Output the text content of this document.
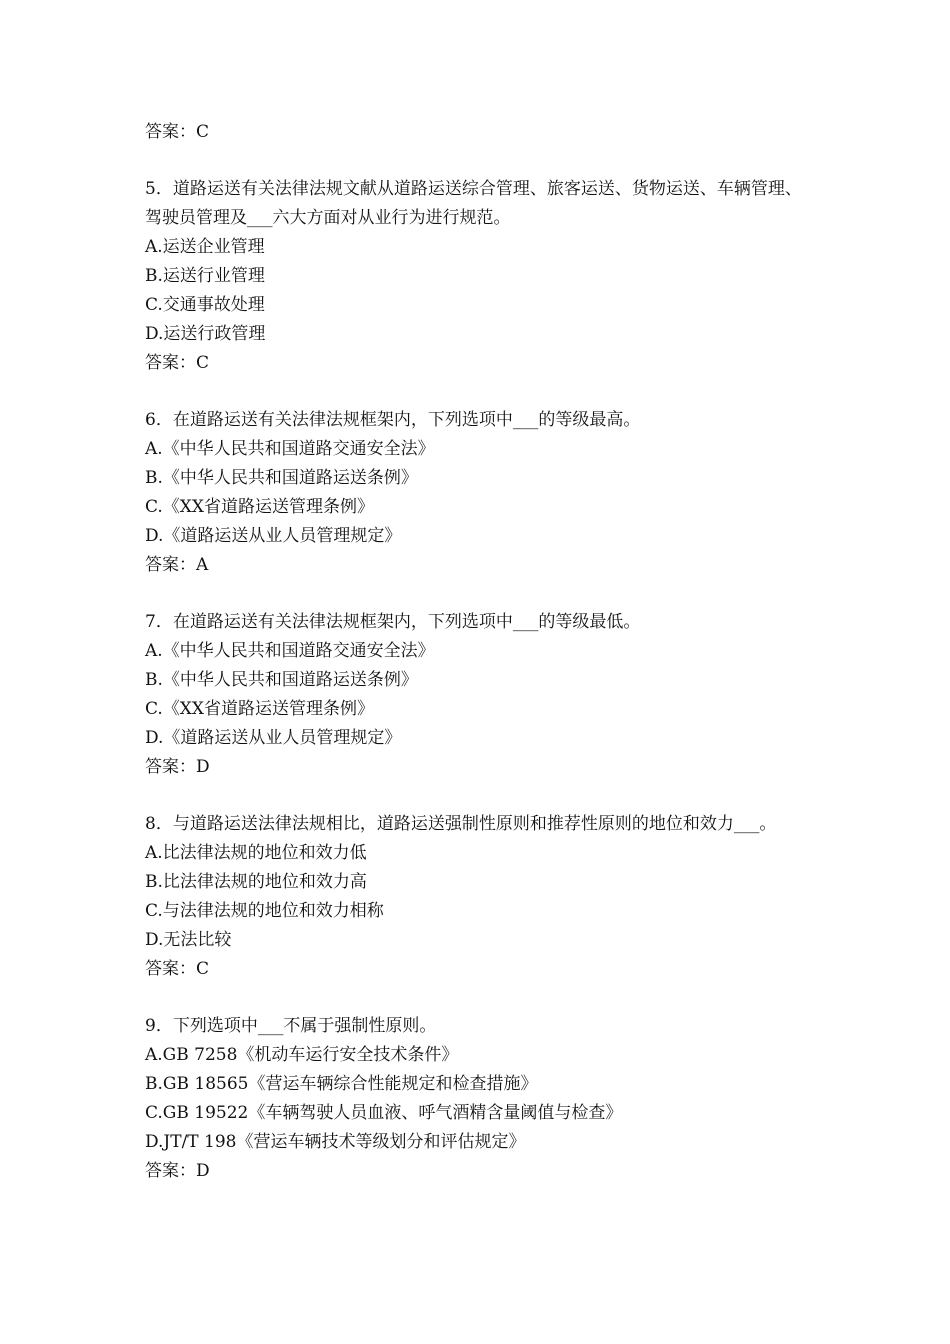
答案：C
5．道路运送有关法律法规文献从道路运送综合管理、旅客运送、货物运送、车辆管理、驾驶员管理及___六大方面对从业行为进行规范。
A.运送企业管理
B.运送行业管理
C.交通事故处理
D.运送行政管理
答案：C
6．在道路运送有关法律法规框架内，下列选项中___的等级最高。
A.《中华人民共和国道路交通安全法》
B.《中华人民共和国道路运送条例》
C.《XX省道路运送管理条例》
D.《道路运送从业人员管理规定》
答案：A
7．在道路运送有关法律法规框架内，下列选项中___的等级最低。
A.《中华人民共和国道路交通安全法》
B.《中华人民共和国道路运送条例》
C.《XX省道路运送管理条例》
D.《道路运送从业人员管理规定》
答案：D
8．与道路运送法律法规相比，道路运送强制性原则和推荐性原则的地位和效力___。
A.比法律法规的地位和效力低
B.比法律法规的地位和效力高
C.与法律法规的地位和效力相称
D.无法比较
答案：C
9．下列选项中___不属于强制性原则。
A.GB 7258《机动车运行安全技术条件》
B.GB 18565《营运车辆综合性能规定和检查措施》
C.GB 19522《车辆驾驶人员血液、呼气酒精含量阈值与检查》
D.JT/T 198《营运车辆技术等级划分和评估规定》
答案：D
